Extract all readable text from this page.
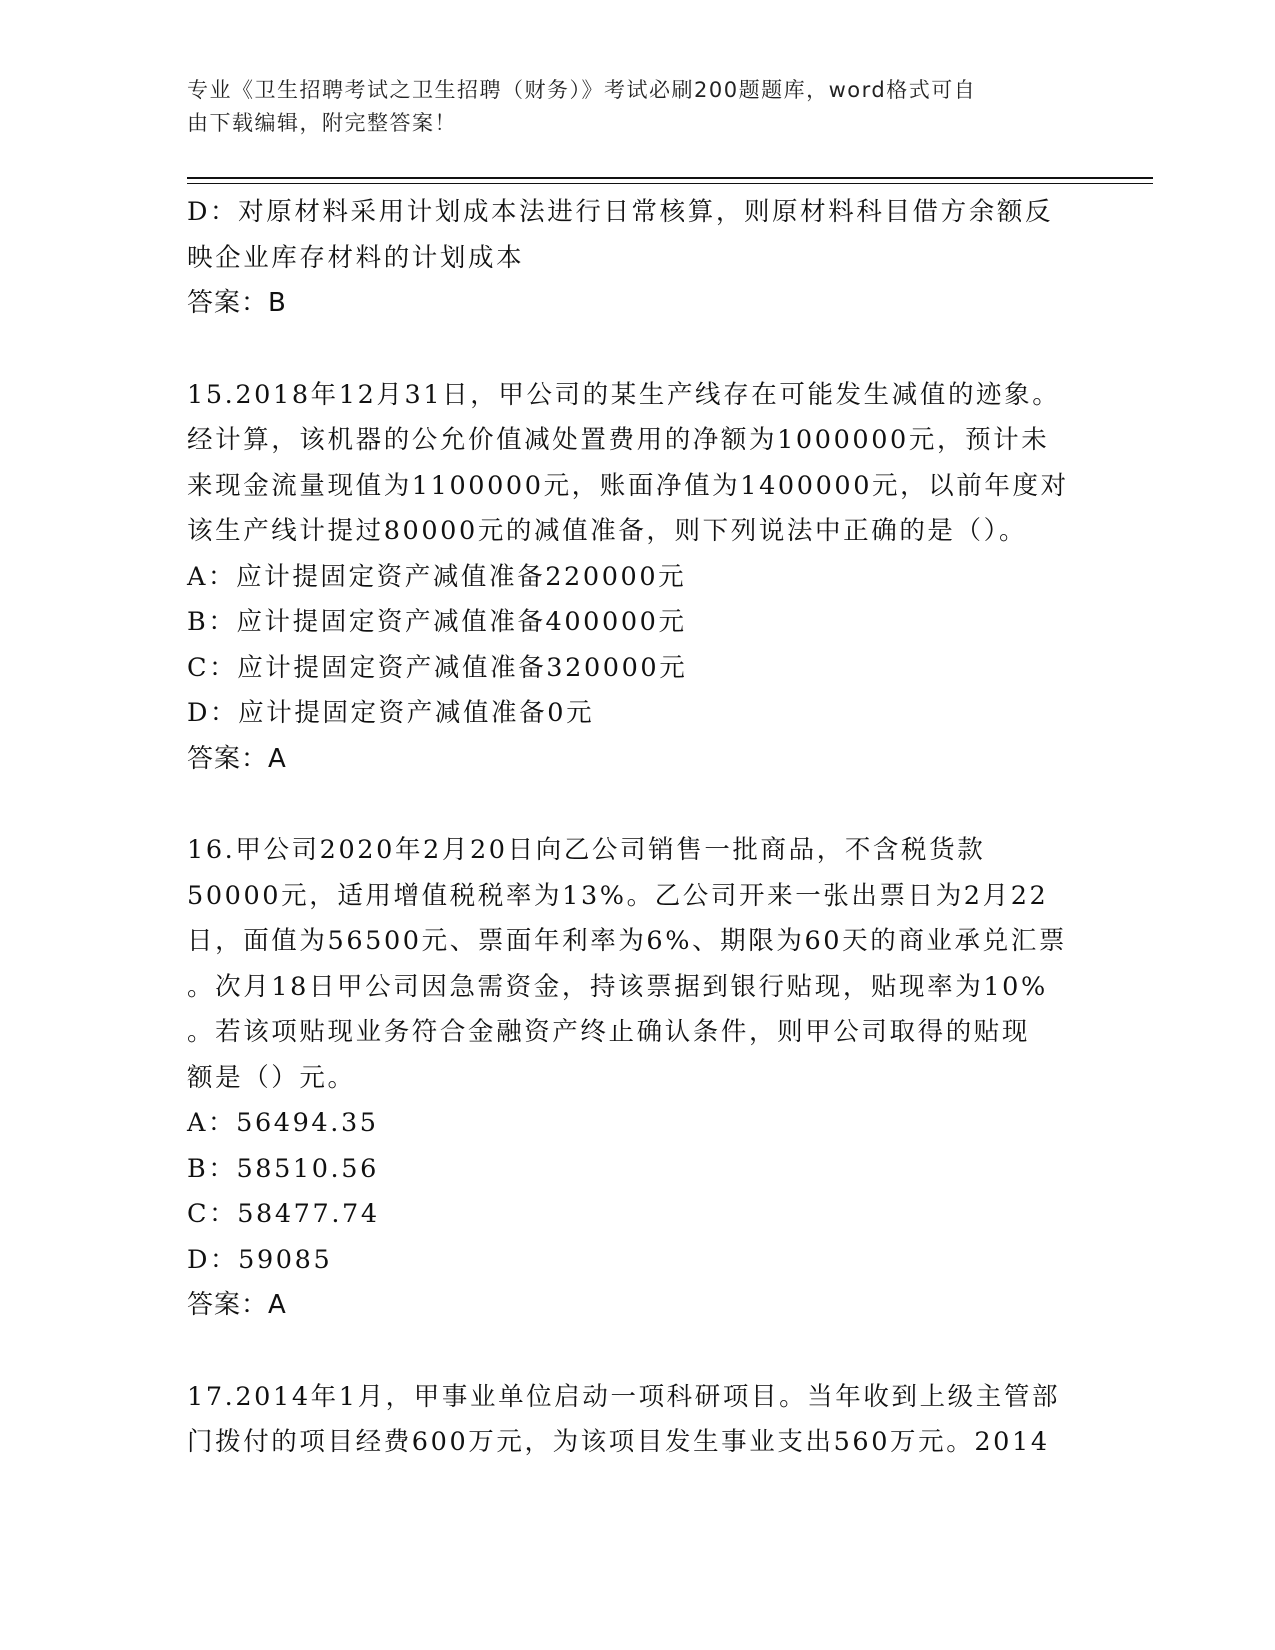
专业《卫生招聘考试之卫生招聘（财务）》考试必刷200题题库，word格式可自
由下载编辑，附完整答案！

D：对原材料采用计划成本法进行日常核算，则原材料科目借方余额反

映企业库存材料的计划成本

答案：B

15.2018年12月31日，甲公司的某生产线存在可能发生减值的迹象。

经计算，该机器的公允价值减处置费用的净额为1000000元，预计未

来现金流量现值为1100000元，账面净值为1400000元，以前年度对

该生产线计提过80000元的减值准备，则下列说法中正确的是（）。

A：应计提固定资产减值准备220000元

B：应计提固定资产减值准备400000元

C：应计提固定资产减值准备320000元

D：应计提固定资产减值准备0元

答案：A

16.甲公司2020年2月20日向乙公司销售一批商品，不含税货款

50000元，适用增值税税率为13%。乙公司开来一张出票日为2月22

日，面值为56500元、票面年利率为6%、期限为60天的商业承兑汇票

。次月18日甲公司因急需资金，持该票据到银行贴现，贴现率为10%

。若该项贴现业务符合金融资产终止确认条件，则甲公司取得的贴现

额是（）元。

A：56494.35

B：58510.56

C：58477.74

D：59085

答案：A

17.2014年1月，甲事业单位启动一项科研项目。当年收到上级主管部

门拨付的项目经费600万元，为该项目发生事业支出560万元。2014
